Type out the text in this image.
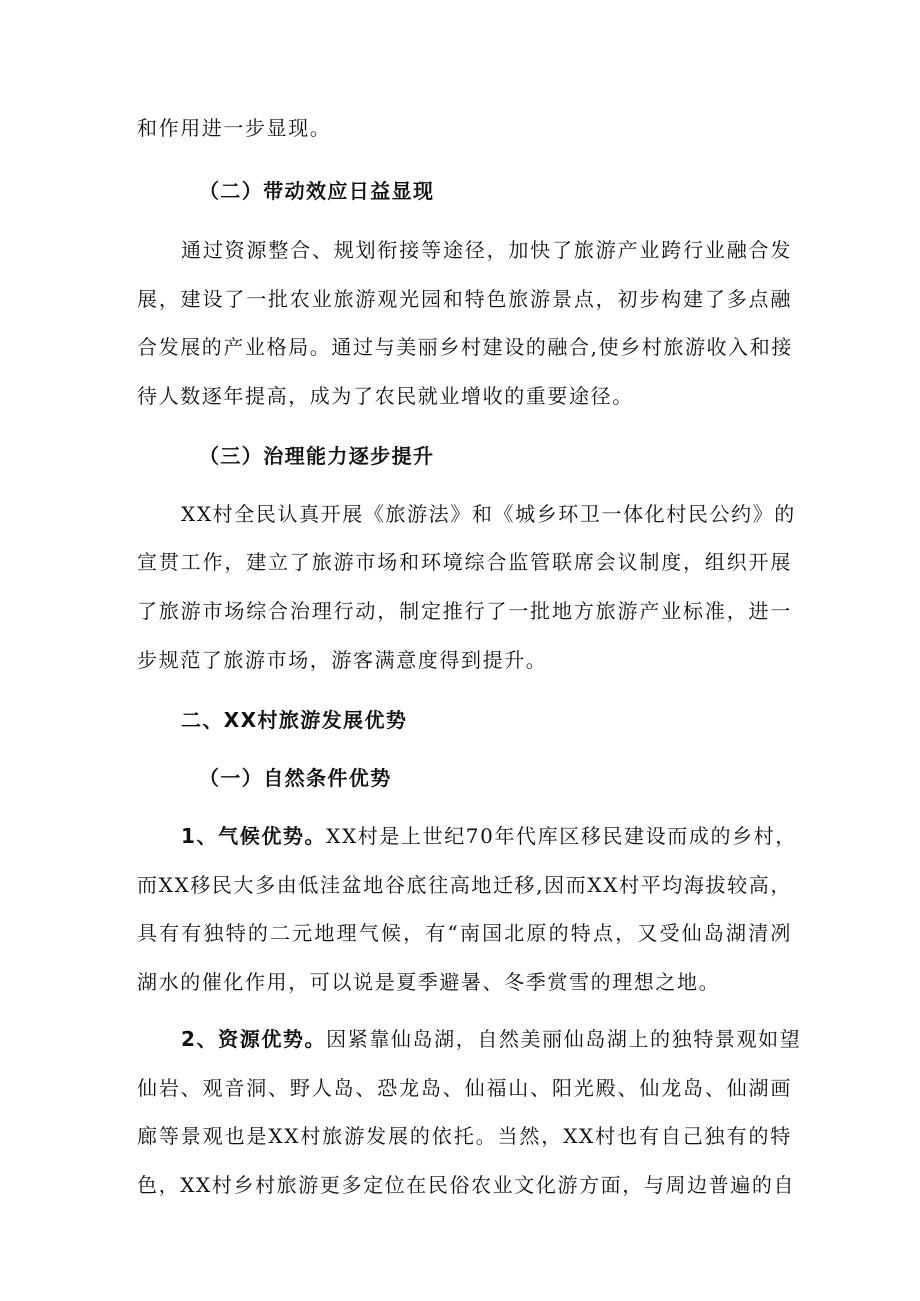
和作用进一步显现。
（二）带动效应日益显现
通过资源整合、规划衔接等途径，加快了旅游产业跨行业融合发
展，建设了一批农业旅游观光园和特色旅游景点，初步构建了多点融
合发展的产业格局。通过与美丽乡村建设的融合,使乡村旅游收入和接
待人数逐年提高，成为了农民就业增收的重要途径。
（三）治理能力逐步提升
XX村全民认真开展《旅游法》和《城乡环卫一体化村民公约》的
宣贯工作，建立了旅游市场和环境综合监管联席会议制度，组织开展
了旅游市场综合治理行动，制定推行了一批地方旅游产业标准，进一
步规范了旅游市场，游客满意度得到提升。
二、XX村旅游发展优势
（一）自然条件优势
1、气候优势。XX村是上世纪70年代库区移民建设而成的乡村，
而XX移民大多由低洼盆地谷底往高地迁移,因而XX村平均海拔较高，
具有有独特的二元地理气候，有“南国北原的特点，又受仙岛湖清冽
湖水的催化作用，可以说是夏季避暑、冬季赏雪的理想之地。
2、资源优势。因紧靠仙岛湖，自然美丽仙岛湖上的独特景观如望
仙岩、观音洞、野人岛、恐龙岛、仙福山、阳光殿、仙龙岛、仙湖画
廊等景观也是XX村旅游发展的依托。当然，XX村也有自己独有的特
色，XX村乡村旅游更多定位在民俗农业文化游方面，与周边普遍的自
